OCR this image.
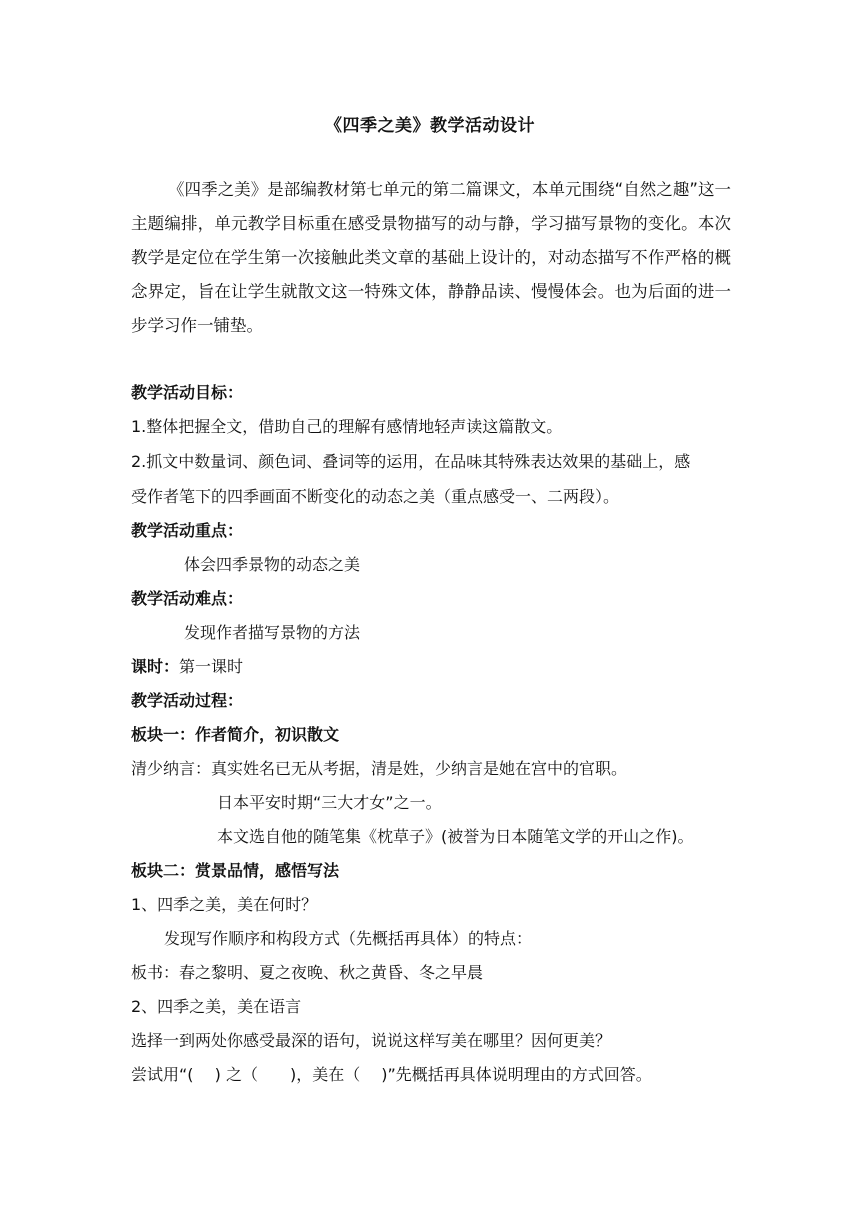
《四季之美》教学活动设计

《四季之美》是部编教材第七单元的第二篇课文，本单元围绕“自然之趣”这一主题编排，单元教学目标重在感受景物描写的动与静，学习描写景物的变化。本次教学是定位在学生第一次接触此类文章的基础上设计的，对动态描写不作严格的概念界定，旨在让学生就散文这一特殊文体，静静品读、慢慢体会。也为后面的进一步学习作一铺垫。

教学活动目标：
1.整体把握全文，借助自己的理解有感情地轻声读这篇散文。
2.抓文中数量词、颜色词、叠词等的运用，在品味其特殊表达效果的基础上，感
受作者笔下的四季画面不断变化的动态之美（重点感受一、二两段）。
教学活动重点：
体会四季景物的动态之美
教学活动难点：
发现作者描写景物的方法
课时：第一课时
教学活动过程：
板块一：作者简介，初识散文
清少纳言：真实姓名已无从考据，清是姓，少纳言是她在宫中的官职。
日本平安时期“三大才女”之一。
本文选自他的随笔集《枕草子》(被誉为日本随笔文学的开山之作)。
板块二：赏景品情，感悟写法
1、四季之美，美在何时？
发现写作顺序和构段方式（先概括再具体）的特点：
板书：春之黎明、夏之夜晚、秋之黄昏、冬之早晨
2、四季之美，美在语言
选择一到两处你感受最深的语句，说说这样写美在哪里？因何更美？
尝试用“(　 ) 之（　　)，美在（　 )”先概括再具体说明理由的方式回答。
